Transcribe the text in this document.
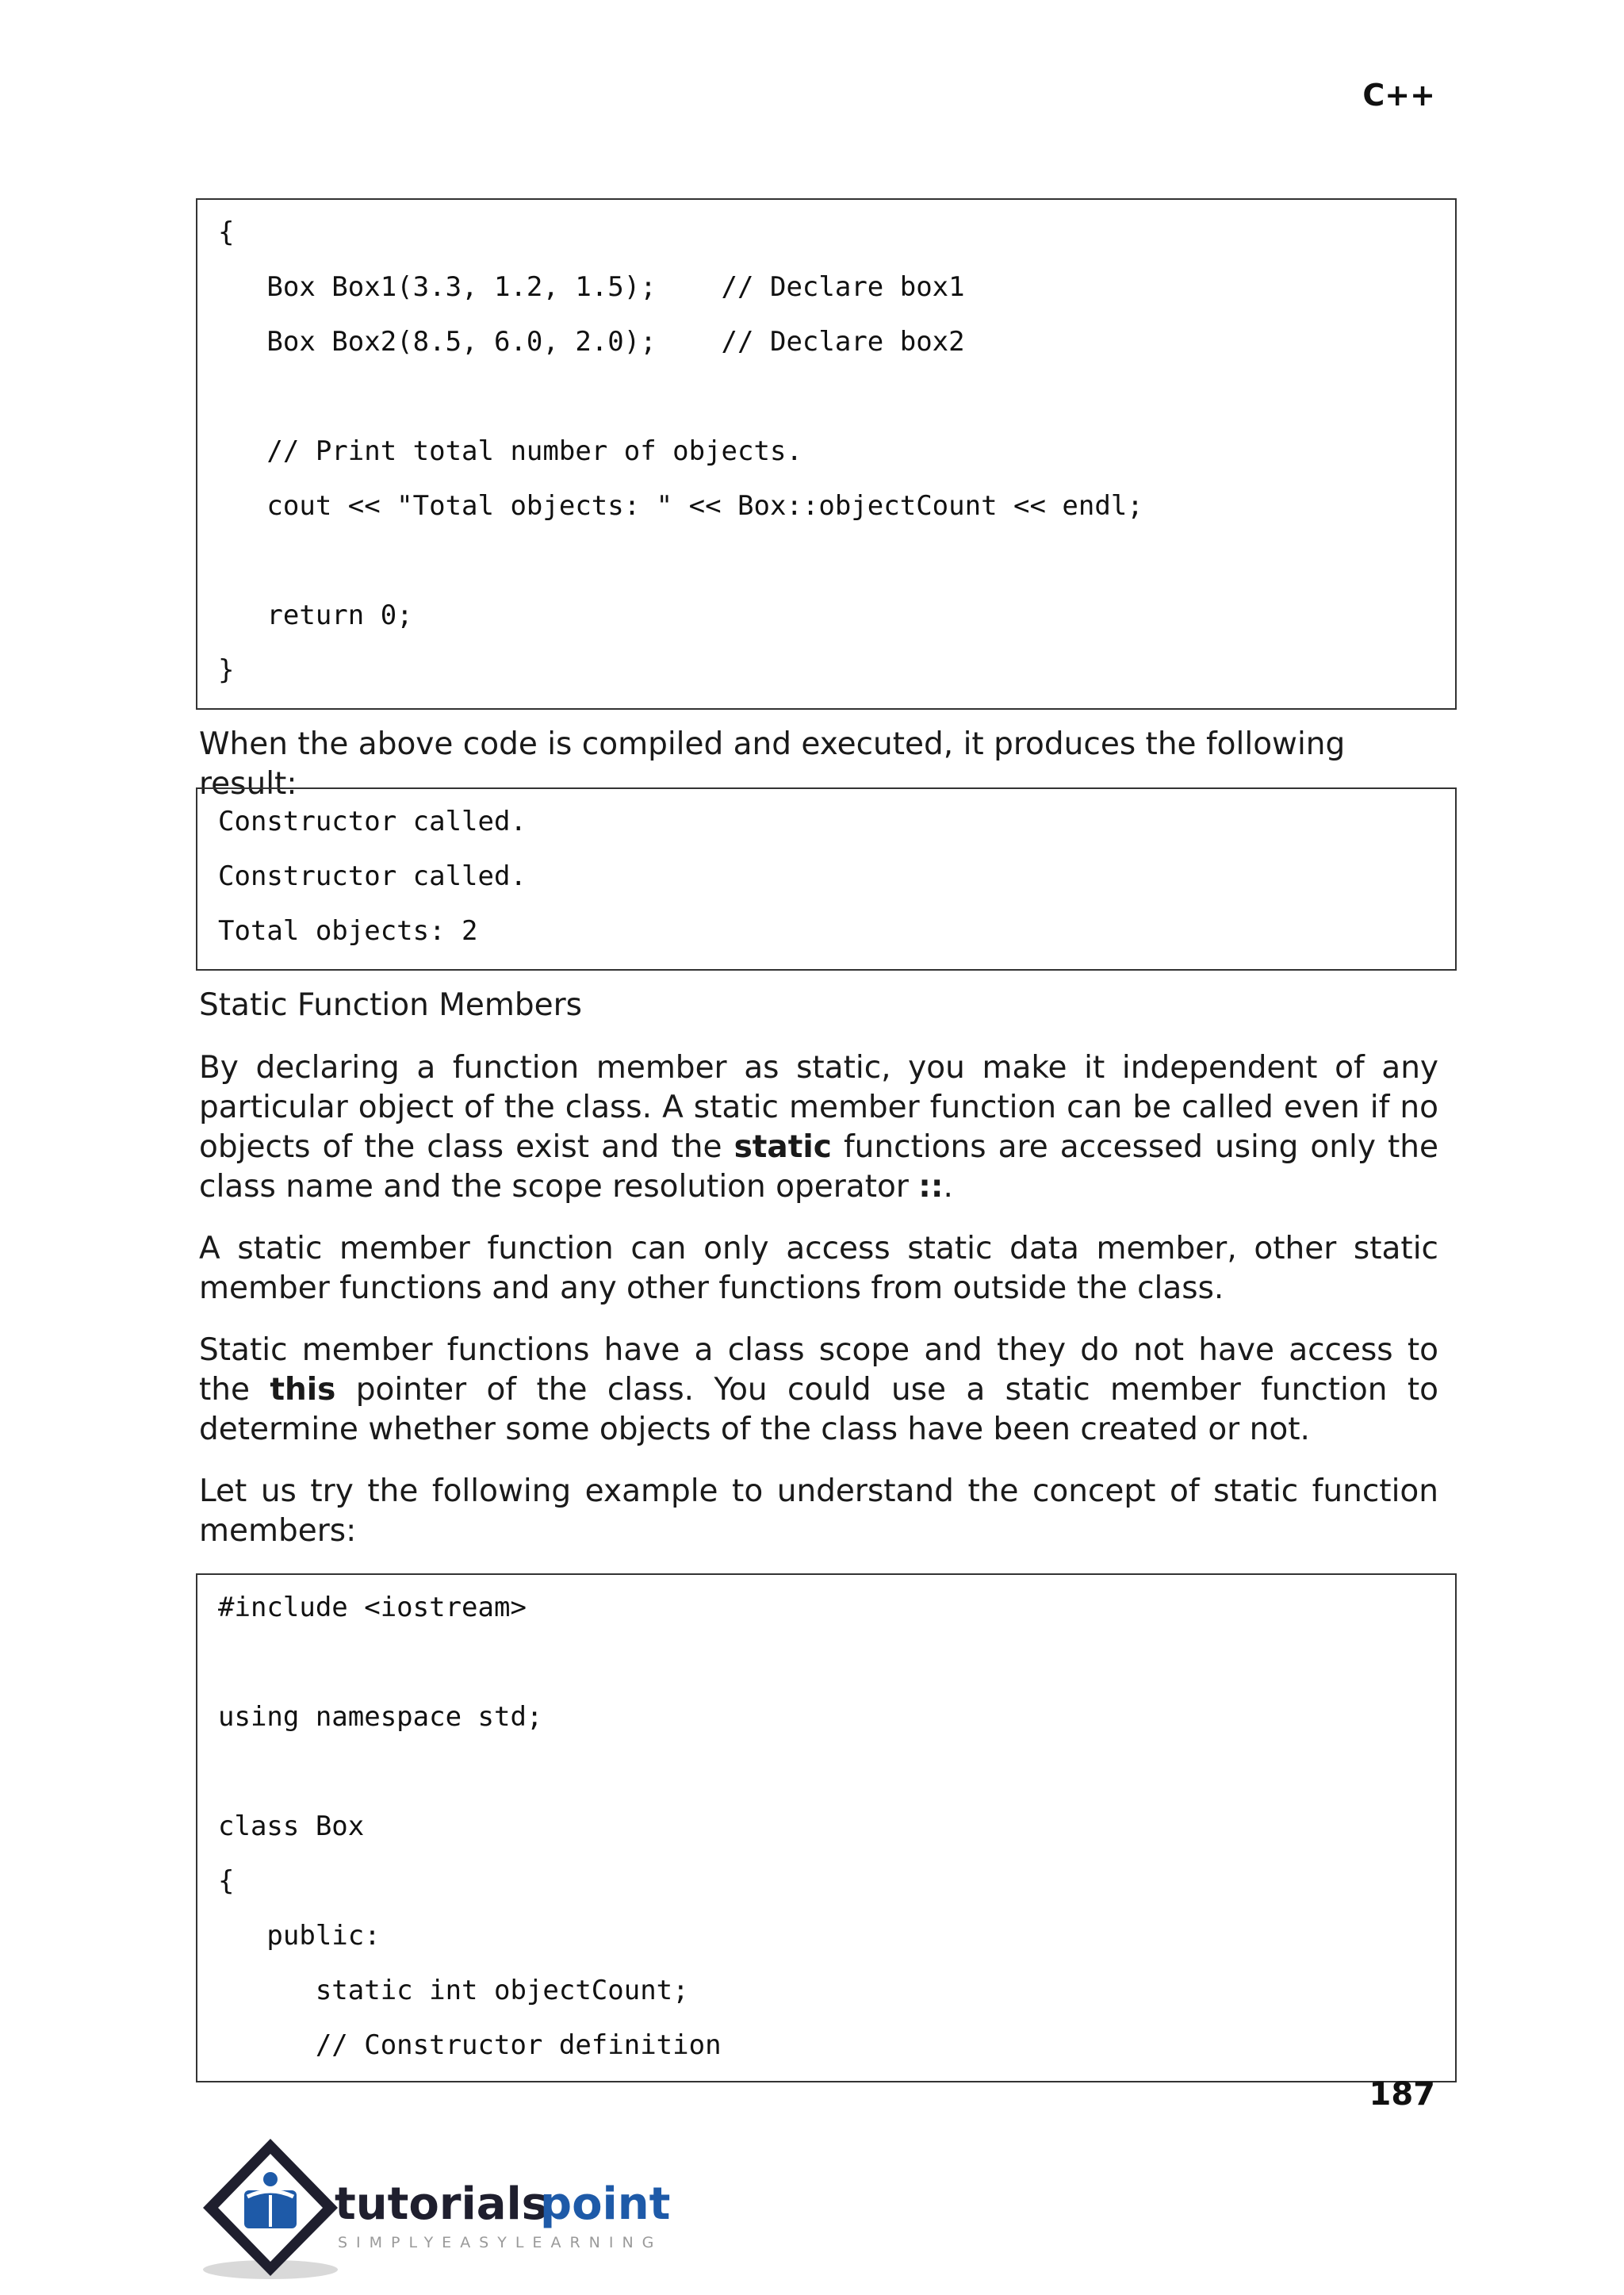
C++
{
Box Box1(3.3, 1.2, 1.5);    // Declare box1
Box Box2(8.5, 6.0, 2.0);    // Declare box2
// Print total number of objects.
cout << "Total objects: " << Box::objectCount << endl;
return 0;
}
When the above code is compiled and executed, it produces the following result:
Constructor called.
Constructor called.
Total objects: 2
Static Function Members
By declaring a function member as static, you make it independent of any particular object of the class. A static member function can be called even if no objects of the class exist and the static functions are accessed using only the class name and the scope resolution operator ::.
A static member function can only access static data member, other static member functions and any other functions from outside the class.
Static member functions have a class scope and they do not have access to the this pointer of the class. You could use a static member function to determine whether some objects of the class have been created or not.
Let us try the following example to understand the concept of static function members:
#include <iostream>
using namespace std;
class Box
{
public:
static int objectCount;
// Constructor definition
187
tutorials
point
SIMPLYEASYLEARNING
